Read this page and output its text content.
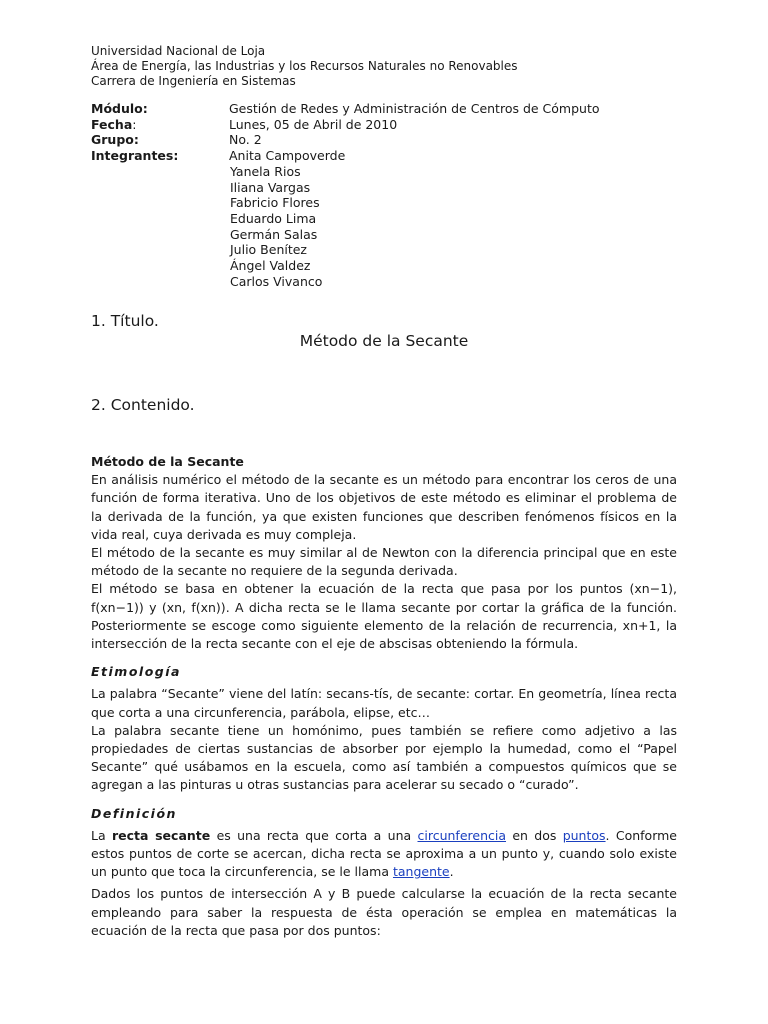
Universidad Nacional de Loja
Área de Energía, las Industrias y los Recursos Naturales no Renovables
Carrera de Ingeniería en Sistemas
Módulo:	Gestión de Redes y Administración de Centros de Cómputo
Fecha:	Lunes, 05 de Abril de 2010
Grupo:	No. 2
Integrantes:	Anita Campoverde
Yanela Rios
Iliana Vargas
Fabricio Flores
Eduardo Lima
Germán Salas
Julio Benítez
Ángel Valdez
Carlos Vivanco
1. Título.
Método de la Secante
2. Contenido.

Método de la Secante

En análisis numérico el método de la secante es un método para encontrar los ceros de una función de forma iterativa. Uno de los objetivos de este método es eliminar el problema de la derivada de la función, ya que existen funciones que describen fenómenos físicos en la vida real, cuya derivada es muy compleja.

El método de la secante es muy similar al de Newton con la diferencia principal que en este método de la secante no requiere de la segunda derivada.

El método se basa en obtener la ecuación de la recta que pasa por los puntos (xn−1), f(xn−1)) y (xn, f(xn)). A dicha recta se le llama secante por cortar la gráfica de la función. Posteriormente se escoge como siguiente elemento de la relación de recurrencia, xn+1, la intersección de la recta secante con el eje de abscisas obteniendo la fórmula.

Etimología

La palabra “Secante” viene del latín: secans-tís, de secante: cortar. En geometría, línea recta que corta a una circunferencia, parábola, elipse, etc…

La palabra secante tiene un homónimo, pues también se refiere como adjetivo a las propiedades de ciertas sustancias de absorber por ejemplo la humedad, como el “Papel Secante” qué usábamos en la escuela, como así también a compuestos químicos que se agregan a las pinturas u otras sustancias para acelerar su secado o “curado”.

Definición

La recta secante es una recta que corta a una circunferencia en dos puntos. Conforme estos puntos de corte se acercan, dicha recta se aproxima a un punto y, cuando solo existe un punto que toca la circunferencia, se le llama tangente.

Dados los puntos de intersección A y B puede calcularse la ecuación de la recta secante empleando para saber la respuesta de ésta operación se emplea en matemáticas la ecuación de la recta que pasa por dos puntos:
